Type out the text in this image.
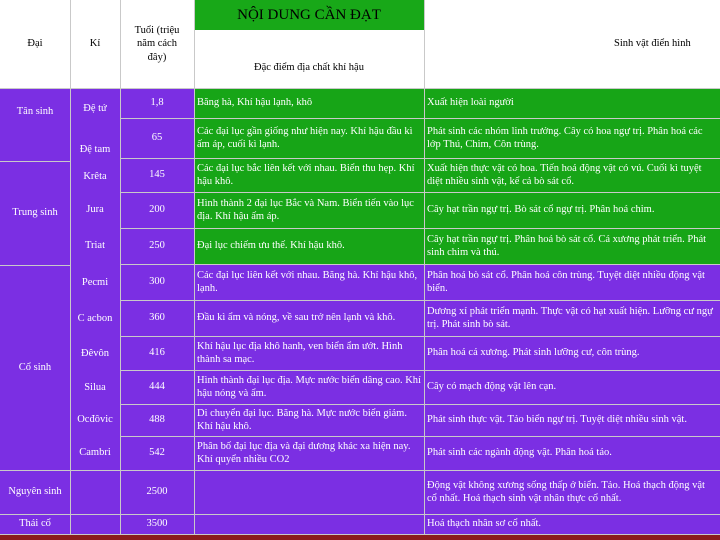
Đại	Kỉ
Tuổi (triệu năm cách đây)
NỘI DUNG CẦN ĐẠT
Đặc điểm địa chất khí hậu
Sinh vật điển hình
Tân sinh
Trung sinh
Cổ sinh
Nguyên sinh
Thái cổ
Đệ tứ
Đệ tam
Krêta
Jura
Triat
Pecmi
C acbon
Đêvôn
Silua
Ocđôvic
Cambri
1,8
65
145
200
250
300
360
416
444
488
542
2500
3500
Băng hà, Khí hậu lạnh, khô
Các đại lục gần giống như hiện nay. Khí hậu đầu kì ấm áp, cuối kì lạnh.
Các đại lục bắc liên kết với nhau. Biển thu hẹp. Khí hậu khô.
Hình thành 2 đại lục Bắc và Nam. Biển tiến vào lục địa. Khí hậu ấm áp.
Đại lục chiếm ưu thế. Khí hậu khô.
Các đại lục liên kết với nhau. Băng hà. Khí hậu khô, lạnh.
Đầu kì ẩm và nóng, về sau trở nên lạnh và khô.
Khí hậu lục địa khô hanh, ven biển ẩm ướt. Hình thành sa mạc.
Hình thành đại lục địa. Mực nước biển dâng cao. Khí hậu nóng và ẩm.
Di chuyển đại lục. Băng hà. Mực nước biển giảm. Khí hậu khô.
Phân bố đại lục địa và đại dương khác xa hiện nay. Khí quyển nhiều CO2
Xuất hiện loài người
Phát sinh các nhóm linh trưởng. Cây có hoa ngự trị. Phân hoá các lớp Thú, Chim, Côn trùng.
Xuất hiện thực vật có hoa. Tiến hoá động vật có vú. Cuối kì tuyệt diệt nhiều sinh vật, kể cả bò sát cổ.
Cây hạt trần ngự trị. Bò sát cổ ngự trị. Phân hoá chim.
Cây hạt trần ngự trị. Phân hoá bò sát cổ. Cá xương phát triển. Phát sinh chim và thú.
Phân hoá bò sát cổ. Phân hoá côn trùng. Tuyệt diệt nhiều động vật biển.
Dương xỉ phát triển mạnh. Thực vật có hạt xuất hiện. Lưỡng cư ngự trị. Phát sinh bò sát.
Phân hoá cá xương. Phát sinh lưỡng cư, côn trùng.
Cây có mạch động vật lên cạn.
Phát sinh thực vật. Tảo biển ngự trị. Tuyệt diệt nhiều sinh vật.
Phát sinh các ngành động vật. Phân hoá tảo.
Động vật không xương sống thấp ở biển. Tảo. Hoá thạch động vật cổ nhất. Hoá thạch sinh vật nhân thực cổ nhất.
Hoá thạch nhân sơ cổ nhất.
